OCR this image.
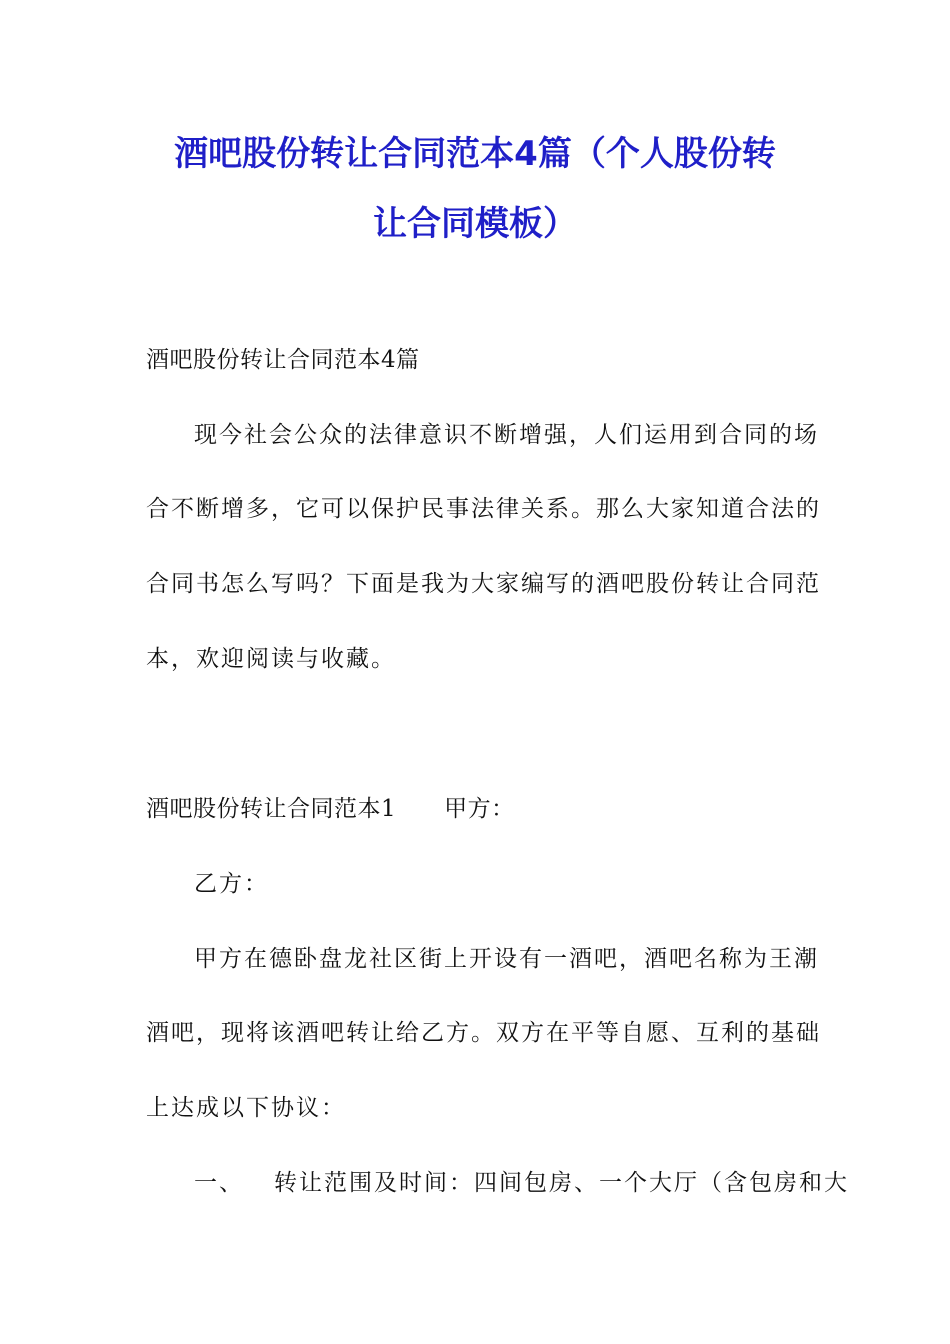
酒吧股份转让合同范本4篇（个人股份转
让合同模板）
酒吧股份转让合同范本4篇
现今社会公众的法律意识不断增强，人们运用到合同的场
合不断增多，它可以保护民事法律关系。那么大家知道合法的
合同书怎么写吗？下面是我为大家编写的酒吧股份转让合同范
本，欢迎阅读与收藏。
酒吧股份转让合同范本1 甲方：
乙方：
甲方在德卧盘龙社区街上开设有一酒吧，酒吧名称为王潮
酒吧，现将该酒吧转让给乙方。双方在平等自愿、互利的基础
上达成以下协议：
一、 转让范围及时间：四间包房、一个大厅（含包房和大
